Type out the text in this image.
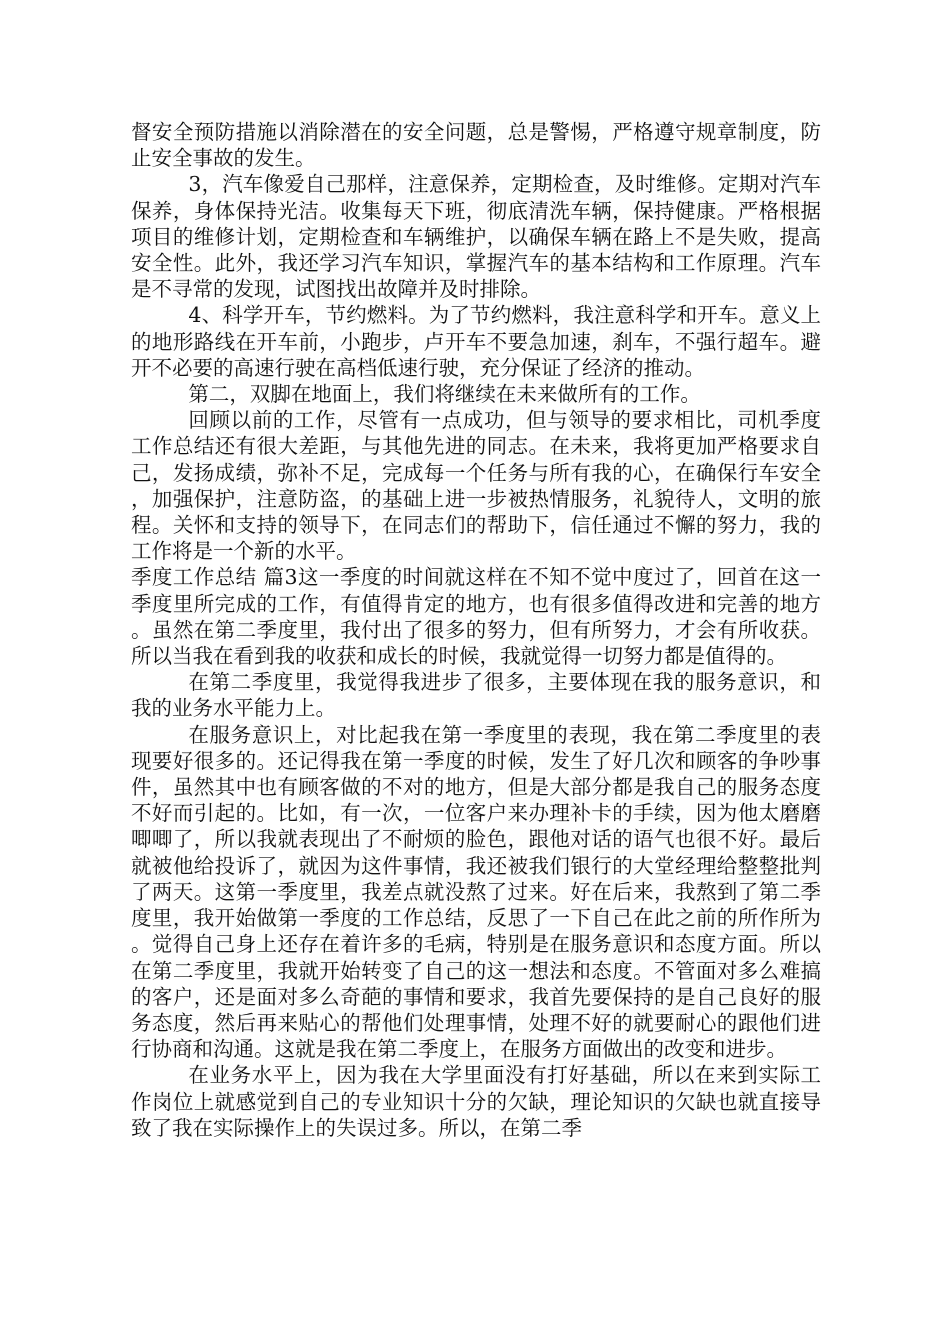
督安全预防措施以消除潜在的安全问题，总是警惕，严格遵守规章制度，防止安全事故的发生。

3，汽车像爱自己那样，注意保养，定期检查，及时维修。定期对汽车保养，身体保持光洁。收集每天下班，彻底清洗车辆，保持健康。严格根据项目的维修计划，定期检查和车辆维护，以确保车辆在路上不是失败，提高安全性。此外，我还学习汽车知识，掌握汽车的基本结构和工作原理。汽车是不寻常的发现，试图找出故障并及时排除。

4、科学开车，节约燃料。为了节约燃料，我注意科学和开车。意义上的地形路线在开车前，小跑步，卢开车不要急加速，刹车，不强行超车。避开不必要的高速行驶在高档低速行驶，充分保证了经济的推动。

第二，双脚在地面上，我们将继续在未来做所有的工作。

回顾以前的工作，尽管有一点成功，但与领导的要求相比，司机季度工作总结还有很大差距，与其他先进的同志。在未来，我将更加严格要求自己，发扬成绩，弥补不足，完成每一个任务与所有我的心，在确保行车安全，加强保护，注意防盗，的基础上进一步被热情服务，礼貌待人，文明的旅程。关怀和支持的领导下，在同志们的帮助下，信任通过不懈的努力，我的工作将是一个新的水平。

季度工作总结 篇3这一季度的时间就这样在不知不觉中度过了，回首在这一季度里所完成的工作，有值得肯定的地方，也有很多值得改进和完善的地方。虽然在第二季度里，我付出了很多的努力，但有所努力，才会有所收获。所以当我在看到我的收获和成长的时候，我就觉得一切努力都是值得的。

在第二季度里，我觉得我进步了很多，主要体现在我的服务意识，和我的业务水平能力上。

在服务意识上，对比起我在第一季度里的表现，我在第二季度里的表现要好很多的。还记得我在第一季度的时候，发生了好几次和顾客的争吵事件，虽然其中也有顾客做的不对的地方，但是大部分都是我自己的服务态度不好而引起的。比如，有一次，一位客户来办理补卡的手续，因为他太磨磨唧唧了，所以我就表现出了不耐烦的脸色，跟他对话的语气也很不好。最后就被他给投诉了，就因为这件事情，我还被我们银行的大堂经理给整整批判了两天。这第一季度里，我差点就没熬了过来。好在后来，我熬到了第二季度里，我开始做第一季度的工作总结，反思了一下自己在此之前的所作所为。觉得自己身上还存在着许多的毛病，特别是在服务意识和态度方面。所以在第二季度里，我就开始转变了自己的这一想法和态度。不管面对多么难搞的客户，还是面对多么奇葩的事情和要求，我首先要保持的是自己良好的服务态度，然后再来贴心的帮他们处理事情，处理不好的就要耐心的跟他们进行协商和沟通。这就是我在第二季度上，在服务方面做出的改变和进步。

在业务水平上，因为我在大学里面没有打好基础，所以在来到实际工作岗位上就感觉到自己的专业知识十分的欠缺，理论知识的欠缺也就直接导致了我在实际操作上的失误过多。所以，在第二季
